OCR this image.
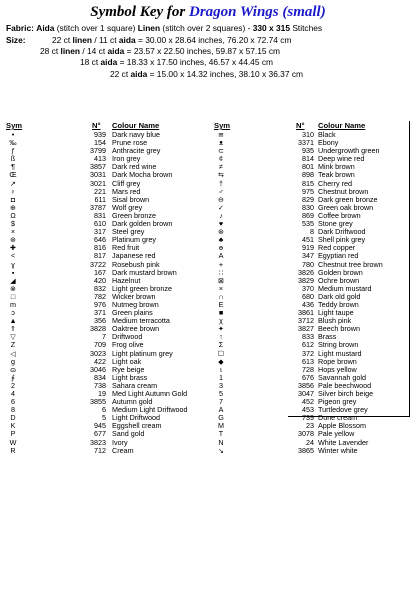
Symbol Key for Dragon Wings (small)
Fabric: Aida (stitch over 1 square) Linen (stitch over 2 squares) - 330 x 315 Stitches
Size:	22 ct linen / 11 ct aida = 30.00 x 28.64 inches, 76.20 x 72.74 cm
28 ct linen / 14 ct aida = 23.57 x 22.50 inches, 59.87 x 57.15 cm
18 ct aida = 18.33 x 17.50 inches, 46.57 x 44.45 cm
22 ct aida = 15.00 x 14.32 inches, 38.10 x 36.37 cm
Sym	N° Colour Name	Sym	N° Colour Name
•	939 Dark navy blue
‰	154 Prune rose
ƒ	3799 Anthracite grey
ß	413 Iron grey
¶	3857 Dark red wine
Œ	3031 Dark Mocha brown
↗	3021 Cliff grey
♀	221 Mars red
◘	611 Sisal brown
⊕	3787 Wolf grey
Ω	831 Green bronze
$	610 Dark golden brown
×	317 Steel grey
⊛	646 Platinum grey
✚	816 Red fruit
<	817 Japanese red
ɣ	3722 Rosebush pink
▪	167 Dark mustard brown
◢	420 Hazelnut
⊗	832 Light green bronze
□	782 Wicker brown
m	976 Nutmeg brown
ɔ	371 Green plains
▲	356 Medium terracotta
⇑	3828 Oaktree brown
▽	7 Driftwood
Z	709 Frog olive
◁	3023 Light platinum grey
g	422 Light oak
ɷ	3046 Rye beige
∮	834 Light brass
2	738 Sahara cream
4	19 Med Light Autumn Gold
6	3855 Autumn gold
8	6 Medium Light Driftwood
D	5 Light Driftwood
K	945 Eggshell cream
P	677 Sand gold
W	3823 Ivory
R	712 Cream
≅	310 Black
ᴥ	3371 Ebony
⊂	935 Undergrowth green
¢	814 Deep wine red
≠	801 Mink brown
⇆	898 Teak brown
†	815 Cherry red
♂	975 Chestnut brown
⊖	829 Dark green bronze
✓	830 Green oak brown
♪	869 Coffee brown
♥	535 Stone grey
⊛	8 Dark Driftwood
♣	451 Shell pink grey
ɵ	919 Red copper
A	347 Egyptian red
+	780 Chestnut tree brown
∷	3826 Golden brown
⊠	3829 Ochre brown
×	370 Medium mustard
∩	680 Dark old gold
E	436 Teddy brown
■	3861 Light taupe
χ	3712 Blush pink
✦	3827 Beech brown
↑	833 Brass
Σ	612 String brown
☐	372 Light mustard
◆	613 Rope brown
ɩ	728 Hops yellow
1	676 Savannah gold
3	3856 Pale beechwood
5	3047 Silver birch beige
7	452 Pigeon grey
A	453 Turtledove grey
G	739 Dune cream
M	23 Apple Blossom
T	3078 Pale yellow
N	24 White Lavender
↘	3865 Winter white
